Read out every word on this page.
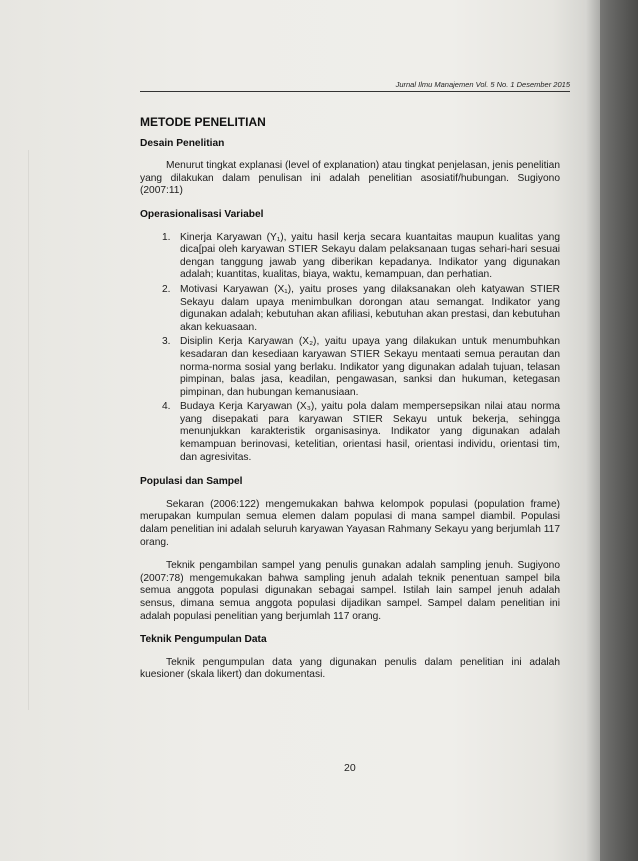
Jurnal Ilmu Manajemen Vol. 5 No. 1 Desember 2015
METODE PENELITIAN
Desain Penelitian

Menurut tingkat explanasi (level of explanation) atau tingkat penjelasan, jenis penelitian yang dilakukan dalam penulisan ini adalah penelitian asosiatif/hubungan. Sugiyono (2007:11)

Operasionalisasi Variabel
1. Kinerja Karyawan (Y₁), yaitu hasil kerja secara kuantaitas maupun kualitas yang dica[pai oleh karyawan STIER Sekayu dalam pelaksanaan tugas sehari-hari sesuai dengan tanggung jawab yang diberikan kepadanya. Indikator yang digunakan adalah; kuantitas, kualitas, biaya, waktu, kemampuan, dan perhatian.
2. Motivasi Karyawan (X₁), yaitu proses yang dilaksanakan oleh katyawan STIER Sekayu dalam upaya menimbulkan dorongan atau semangat. Indikator yang digunakan adalah; kebutuhan akan afiliasi, kebutuhan akan prestasi, dan kebutuhan akan kekuasaan.
3. Disiplin Kerja Karyawan (X₂), yaitu upaya yang dilakukan untuk menumbuhkan kesadaran dan kesediaan karyawan STIER Sekayu mentaati semua perautan dan norma-norma sosial yang berlaku. Indikator yang digunakan adalah tujuan, telasan pimpinan, balas jasa, keadilan, pengawasan, sanksi dan hukuman, ketegasan pimpinan, dan hubungan kemanusiaan.
4. Budaya Kerja Karyawan (X₃), yaitu pola dalam mempersepsikan nilai atau norma yang disepakati para karyawan STIER Sekayu untuk bekerja, sehingga menunjukkan karakteristik organisasinya. Indikator yang digunakan adalah kemampuan berinovasi, ketelitian, orientasi hasil, orientasi individu, orientasi tim, dan agresivitas.
Populasi dan Sampel

Sekaran (2006:122) mengemukakan bahwa kelompok populasi (population frame) merupakan kumpulan semua elemen dalam populasi di mana sampel diambil. Populasi dalam penelitian ini adalah seluruh karyawan Yayasan Rahmany Sekayu yang berjumlah 117 orang.

Teknik pengambilan sampel yang penulis gunakan adalah sampling jenuh. Sugiyono (2007:78) mengemukakan bahwa sampling jenuh adalah teknik penentuan sampel bila semua anggota populasi digunakan sebagai sampel. Istilah lain sampel jenuh adalah sensus, dimana semua anggota populasi dijadikan sampel. Sampel dalam penelitian ini adalah populasi penelitian yang berjumlah 117 orang.

Teknik Pengumpulan Data

Teknik pengumpulan data yang digunakan penulis dalam penelitian ini adalah kuesioner (skala likert) dan dokumentasi.

20
